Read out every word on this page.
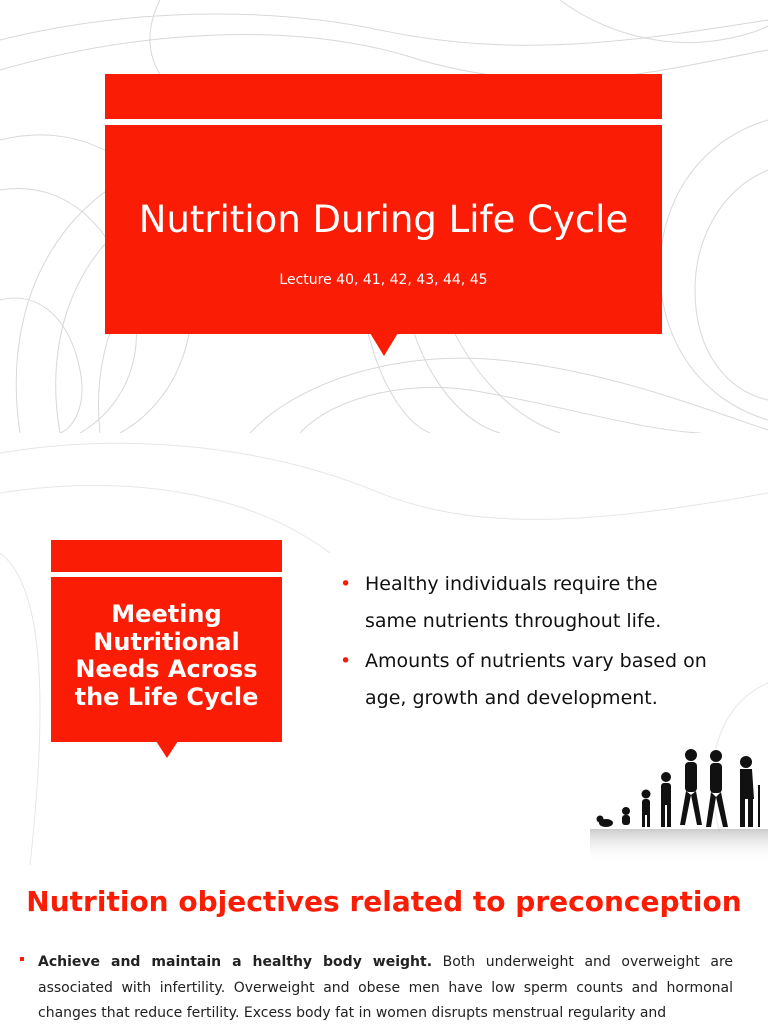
Nutrition During Life Cycle
Lecture 40, 41, 42, 43, 44, 45
Meeting
Nutritional
Needs Across
the Life Cycle
• Healthy individuals require the
same nutrients throughout life.
• Amounts of nutrients vary based on
age, growth and development.
Nutrition objectives related to preconception
Achieve and maintain a healthy body weight. Both underweight and overweight are associated with infertility. Overweight and obese men have low sperm counts and hormonal changes that reduce fertility. Excess body fat in women disrupts menstrual regularity and
